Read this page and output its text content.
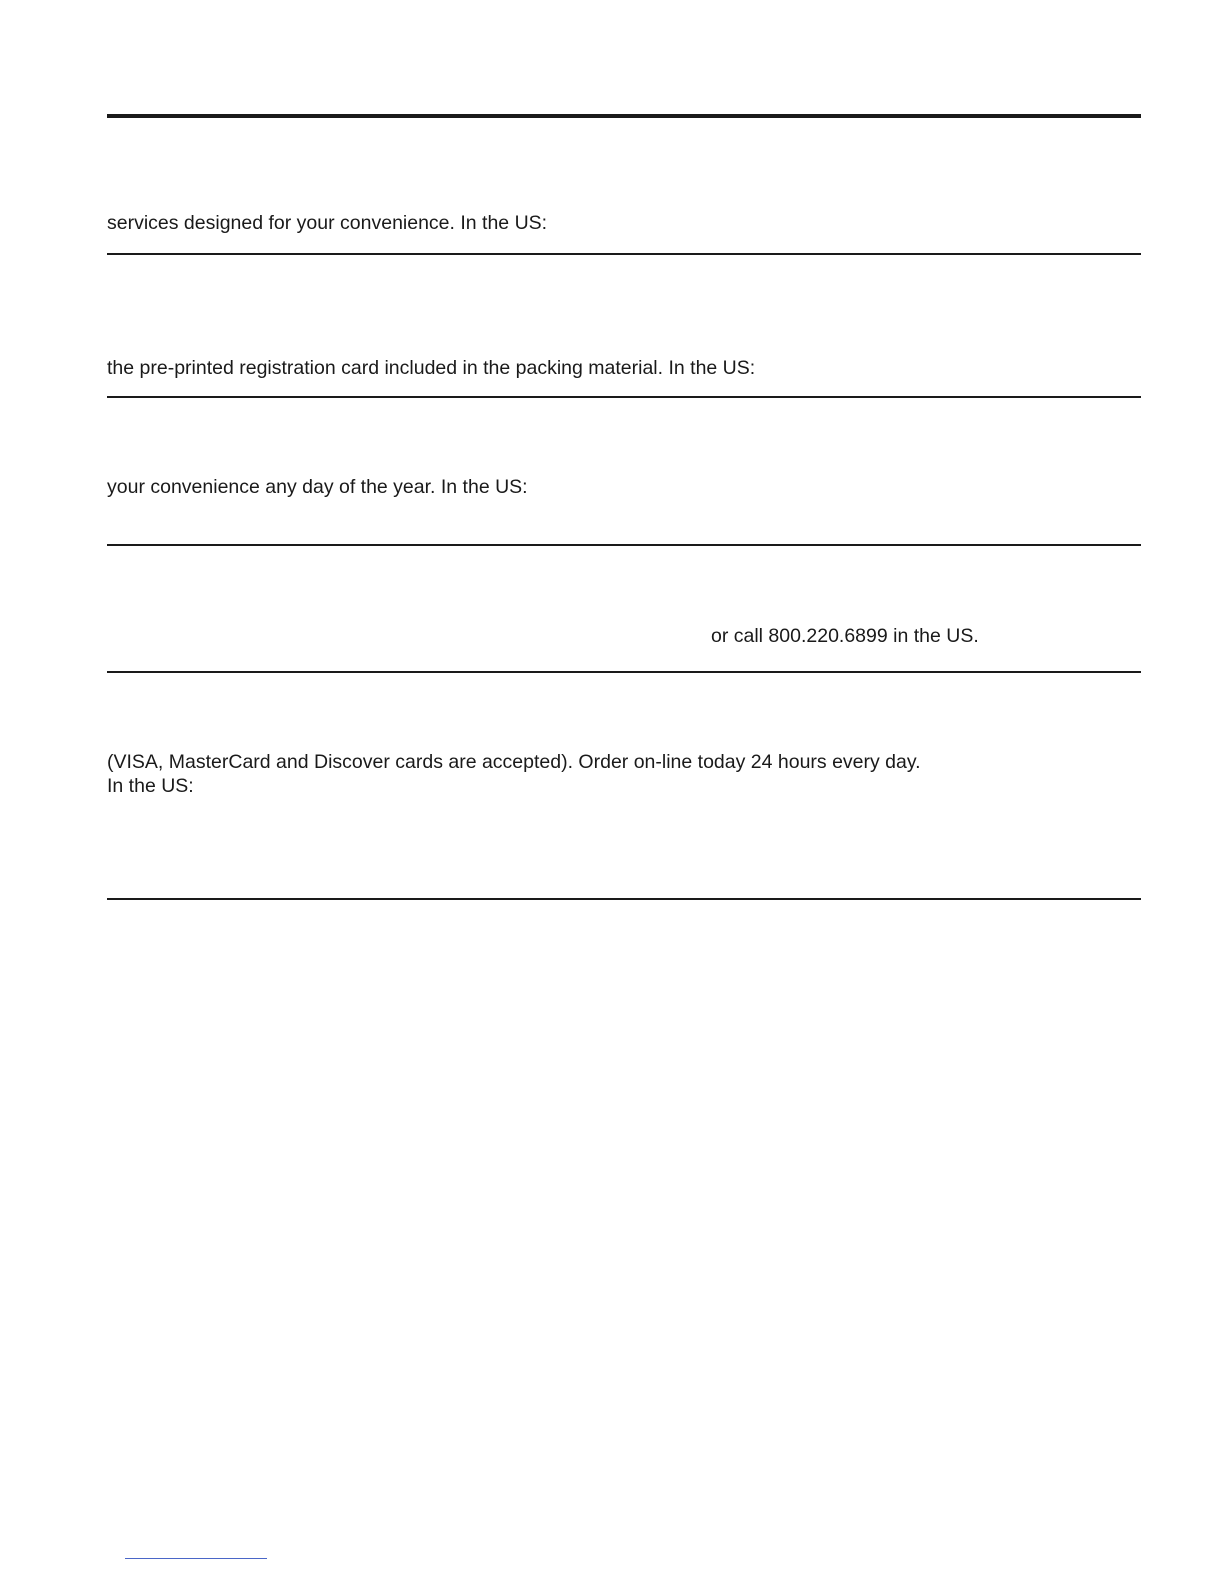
services designed for your convenience. In the US:
the pre-printed registration card included in the packing material. In the US:
your convenience any day of the year. In the US:
or call 800.220.6899 in the US.
(VISA, MasterCard and Discover cards are accepted). Order on-line today 24 hours every day.
In the US:
